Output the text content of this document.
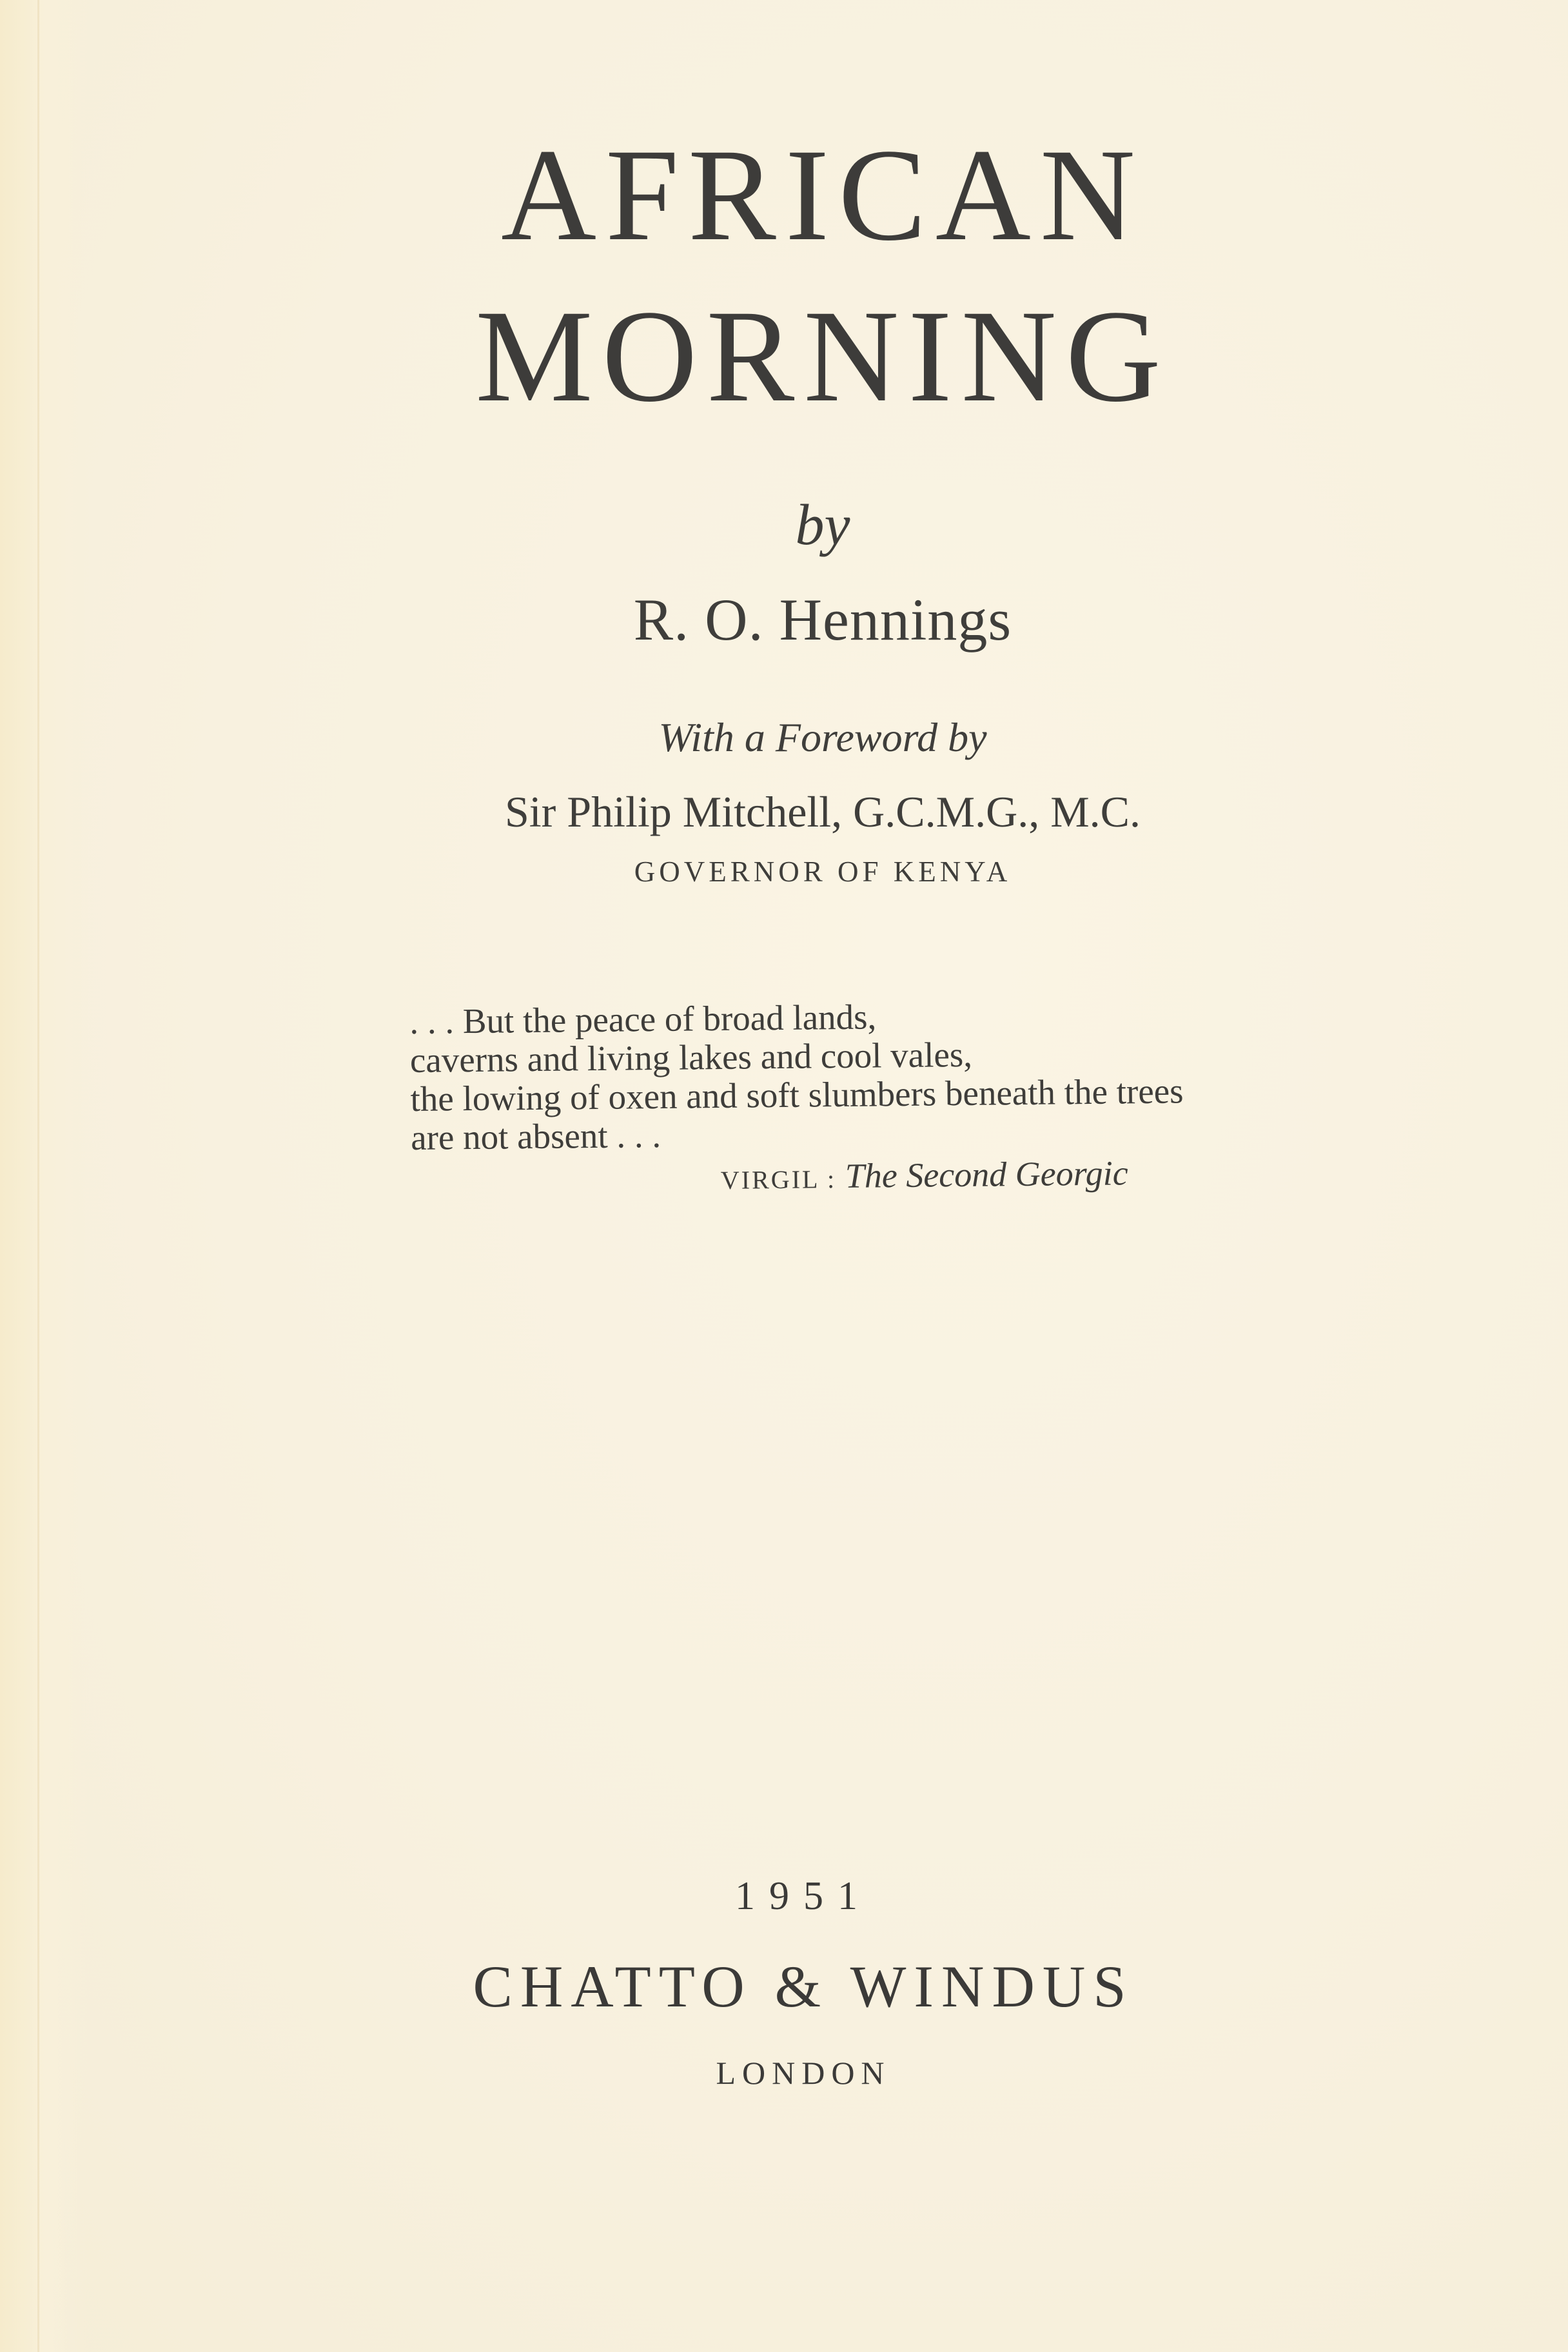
AFRICAN
MORNING
by
R. O. Hennings
With a Foreword by
Sir Philip Mitchell, G.C.M.G., M.C.
GOVERNOR OF KENYA
. . . But the peace of broad lands,
caverns and living lakes and cool vales,
the lowing of oxen and soft slumbers beneath the trees
are not absent . . .
VIRGIL : The Second Georgic
1951
CHATTO & WINDUS
LONDON
